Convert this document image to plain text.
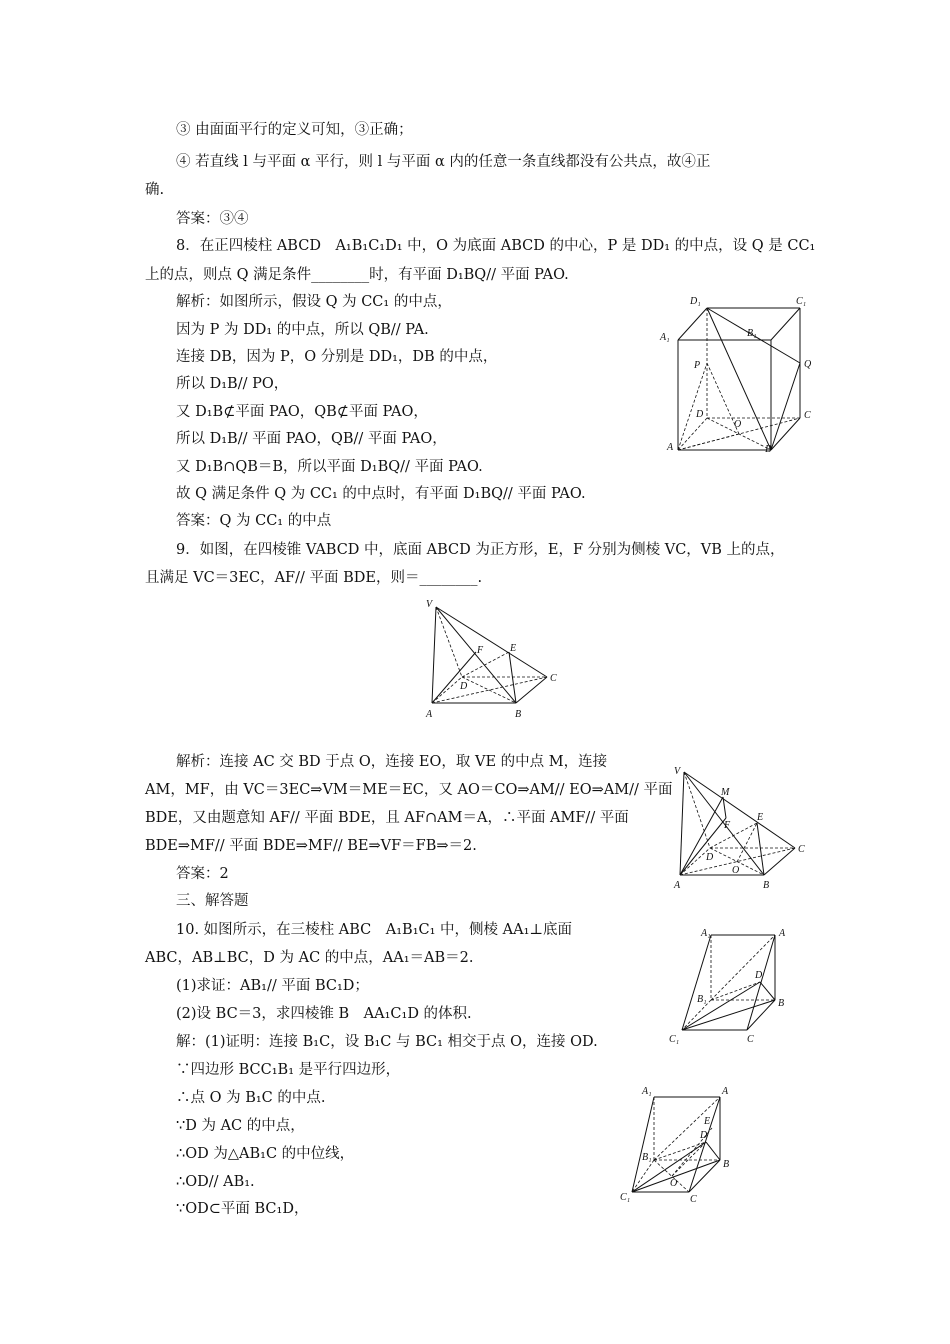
③ 由面面平行的定义可知，③正确；
④ 若直线 l 与平面 α 平行，则 l 与平面 α 内的任意一条直线都没有公共点，故④正
确.
答案：③④
8．在正四棱柱 ABCD　A₁B₁C₁D₁ 中，O 为底面 ABCD 的中心，P 是 DD₁ 的中点，设 Q 是 CC₁
上的点，则点 Q 满足条件________时，有平面 D₁BQ// 平面 PAO.
解析：如图所示，假设 Q 为 CC₁ 的中点，
因为 P 为 DD₁ 的中点，所以 QB// PA.
连接 DB，因为 P，O 分别是 DD₁，DB 的中点，
所以 D₁B// PO，
又 D₁B⊄平面 PAO，QB⊄平面 PAO，
所以 D₁B// 平面 PAO，QB// 平面 PAO，
又 D₁B∩QB＝B，所以平面 D₁BQ// 平面 PAO.
故 Q 满足条件 Q 为 CC₁ 的中点时，有平面 D₁BQ// 平面 PAO.
答案：Q 为 CC₁ 的中点
9．如图，在四棱锥 VABCD 中，底面 ABCD 为正方形，E，F 分别为侧棱 VC，VB 上的点，
且满足 VC＝3EC，AF// 平面 BDE，则＝________.
解析：连接 AC 交 BD 于点 O，连接 EO，取 VE 的中点 M，连接
AM，MF，由 VC＝3EC⇒VM＝ME＝EC，又 AO＝CO⇒AM// EO⇒AM// 平面
BDE，又由题意知 AF// 平面 BDE，且 AF∩AM＝A，∴平面 AMF// 平面
BDE⇒MF// 平面 BDE⇒MF// BE⇒VF＝FB⇒＝2.
答案：2
三、解答题
10. 如图所示，在三棱柱 ABC　A₁B₁C₁ 中，侧棱 AA₁⊥底面
ABC，AB⊥BC，D 为 AC 的中点，AA₁＝AB＝2.
(1)求证：AB₁// 平面 BC₁D；
(2)设 BC＝3，求四棱锥 B　AA₁C₁D 的体积.
解：(1)证明：连接 B₁C，设 B₁C 与 BC₁ 相交于点 O，连接 OD.
∵四边形 BCC₁B₁ 是平行四边形，
∴点 O 为 B₁C 的中点.
∵D 为 AC 的中点，
∴OD 为△AB₁C 的中位线，
∴OD// AB₁.
∵OD⊂平面 BC₁D，
D₁	C₁
B₁
A₁
P	Q
D	C
O
A	B
V
F	E
D
C
A	B
V
M
F
E
D
O
C
A	B
A₁	A
D
B₁	B
C₁	C
A₁	A
E
D
B₁
B
O
C₁	C
